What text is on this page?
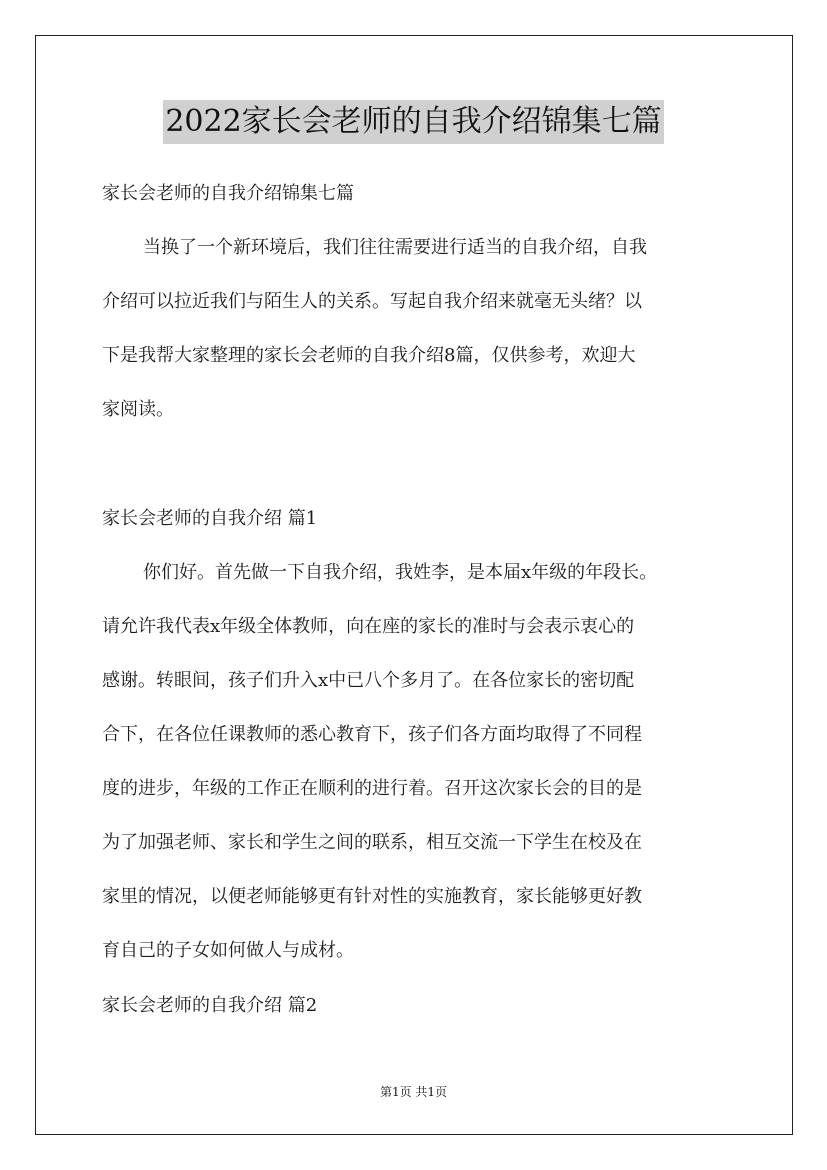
2022家长会老师的自我介绍锦集七篇
家长会老师的自我介绍锦集七篇
当换了一个新环境后，我们往往需要进行适当的自我介绍，自我
介绍可以拉近我们与陌生人的关系。写起自我介绍来就毫无头绪？以
下是我帮大家整理的家长会老师的自我介绍8篇，仅供参考，欢迎大
家阅读。
家长会老师的自我介绍 篇1
你们好。首先做一下自我介绍，我姓李，是本届x年级的年段长。
请允许我代表x年级全体教师，向在座的家长的准时与会表示衷心的
感谢。转眼间，孩子们升入x中已八个多月了。在各位家长的密切配
合下，在各位任课教师的悉心教育下，孩子们各方面均取得了不同程
度的进步，年级的工作正在顺利的进行着。召开这次家长会的目的是
为了加强老师、家长和学生之间的联系，相互交流一下学生在校及在
家里的情况，以便老师能够更有针对性的实施教育，家长能够更好教
育自己的子女如何做人与成材。
家长会老师的自我介绍 篇2
第1页 共1页
